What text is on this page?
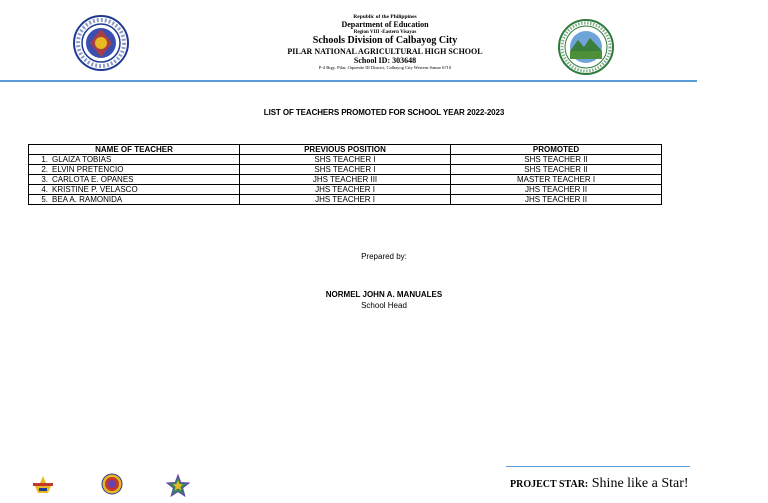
Republic of the Philippines
Department of Education
Region VIII -Eastern Visayas
Schools Division of Calbayog City
PILAR NATIONAL AGRICULTURAL HIGH SCHOOL
School ID: 303648
P-4 Brgy. Pilar, Oquendo III District, Calbayog City Western Samar 6710
LIST OF TEACHERS PROMOTED FOR SCHOOL YEAR 2022-2023
NAME OF TEACHER	PREVIOUS POSITION	PROMOTED
1. GLAIZA TOBIAS	SHS TEACHER I	SHS TEACHER II
2. ELVIN PRETENCIO	SHS TEACHER I	SHS TEACHER II
3. CARLOTA E. OPANES	JHS TEACHER III	MASTER TEACHER I
4. KRISTINE P. VELASCO	JHS TEACHER I	JHS TEACHER II
5. BEA A. RAMONIDA	JHS TEACHER I	JHS TEACHER II
Prepared by:
NORMEL JOHN A. MANUALES
School Head
PROJECT STAR: Shine like a Star!
